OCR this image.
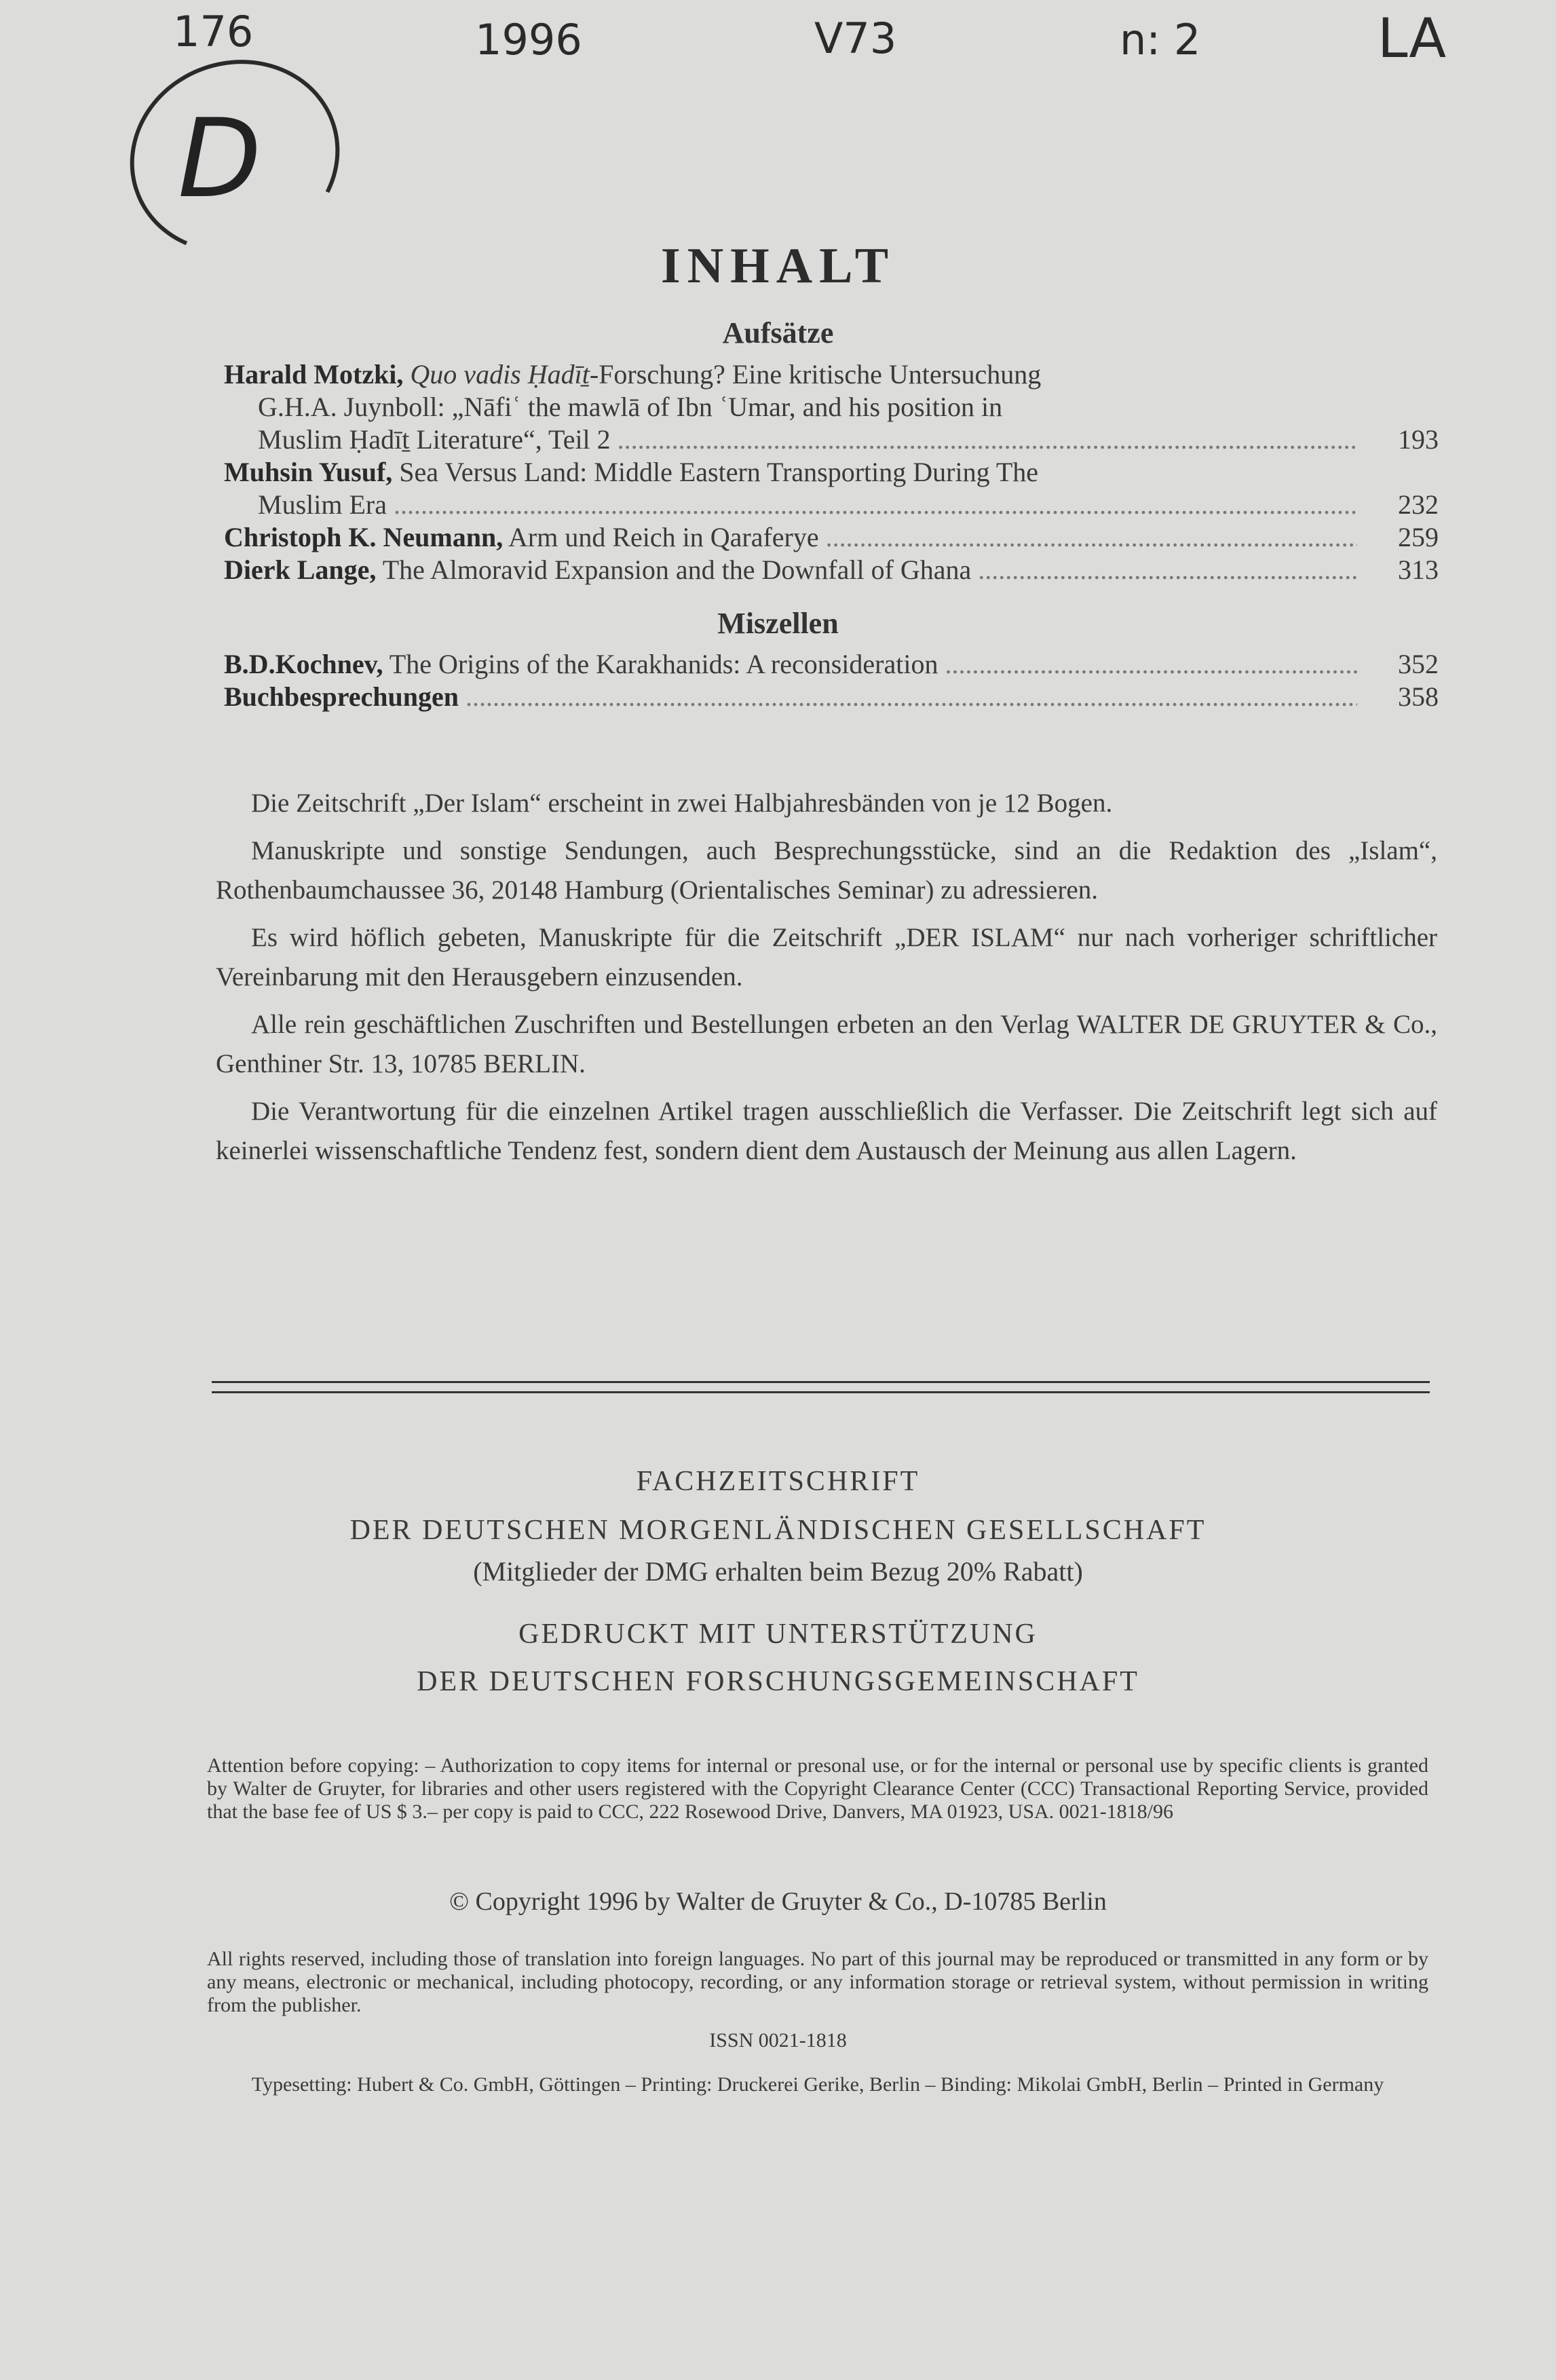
176	1996	V73	n: 2	LA
D
INHALT
Aufsätze
Harald Motzki, Quo vadis Ḥadīṯ-Forschung? Eine kritische Untersuchung
G.H.A. Juynboll: „Nāfiʿ the mawlā of Ibn ʿUmar, and his position in
Muslim Ḥadīṯ Literature“, Teil 2 .....	193
Muhsin Yusuf, Sea Versus Land: Middle Eastern Transporting During The
Muslim Era .....	232
Christoph K. Neumann, Arm und Reich in Qaraferye .....	259
Dierk Lange, The Almoravid Expansion and the Downfall of Ghana .....	313
Miszellen
B.D.Kochnev, The Origins of the Karakhanids: A reconsideration .....	352
Buchbesprechungen .....	358

Die Zeitschrift „Der Islam“ erscheint in zwei Halbjahresbänden von je 12 Bogen.

Manuskripte und sonstige Sendungen, auch Besprechungsstücke, sind an die Redaktion des „Islam“, Rothenbaumchaussee 36, 20148 Hamburg (Orientalisches Seminar) zu adressieren.

Es wird höflich gebeten, Manuskripte für die Zeitschrift „DER ISLAM“ nur nach vorheriger schriftlicher Vereinbarung mit den Herausgebern einzusenden.

Alle rein geschäftlichen Zuschriften und Bestellungen erbeten an den Verlag WALTER DE GRUYTER & Co., Genthiner Str. 13, 10785 BERLIN.

Die Verantwortung für die einzelnen Artikel tragen ausschließlich die Verfasser. Die Zeitschrift legt sich auf keinerlei wissenschaftliche Tendenz fest, sondern dient dem Austausch der Meinung aus allen Lagern.

FACHZEITSCHRIFT
DER DEUTSCHEN MORGENLÄNDISCHEN GESELLSCHAFT
(Mitglieder der DMG erhalten beim Bezug 20% Rabatt)
GEDRUCKT MIT UNTERSTÜTZUNG
DER DEUTSCHEN FORSCHUNGSGEMEINSCHAFT
Attention before copying: – Authorization to copy items for internal or presonal use, or for the internal or personal use by specific clients is granted by Walter de Gruyter, for libraries and other users registered with the Copyright Clearance Center (CCC) Transactional Reporting Service, provided that the base fee of US $ 3.– per copy is paid to CCC, 222 Rosewood Drive, Danvers, MA 01923, USA. 0021-1818/96
© Copyright 1996 by Walter de Gruyter & Co., D-10785 Berlin
All rights reserved, including those of translation into foreign languages. No part of this journal may be reproduced or transmitted in any form or by any means, electronic or mechanical, including photocopy, recording, or any information storage or retrieval system, without permission in writing from the publisher.
ISSN 0021-1818
Typesetting: Hubert & Co. GmbH, Göttingen – Printing: Druckerei Gerike, Berlin – Binding: Mikolai GmbH, Berlin – Printed in Germany
